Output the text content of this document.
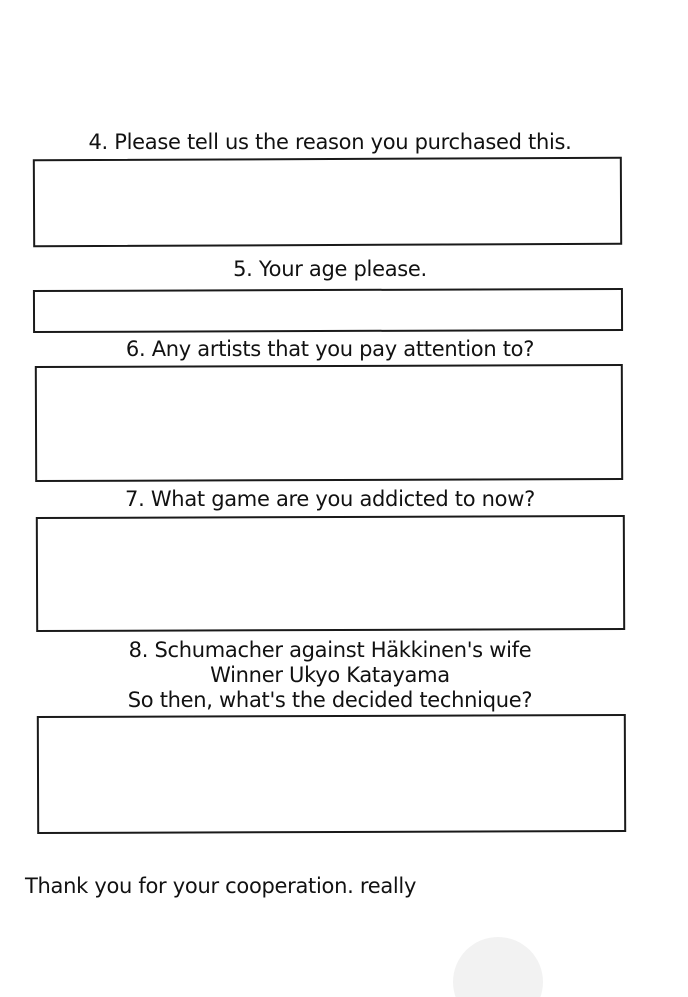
4. Please tell us the reason you purchased this.
5. Your age please.
6. Any artists that you pay attention to?
7. What game are you addicted to now?
8. Schumacher against Häkkinen's wife
Winner Ukyo Katayama
So then, what's the decided technique?
Thank you for your cooperation. really
